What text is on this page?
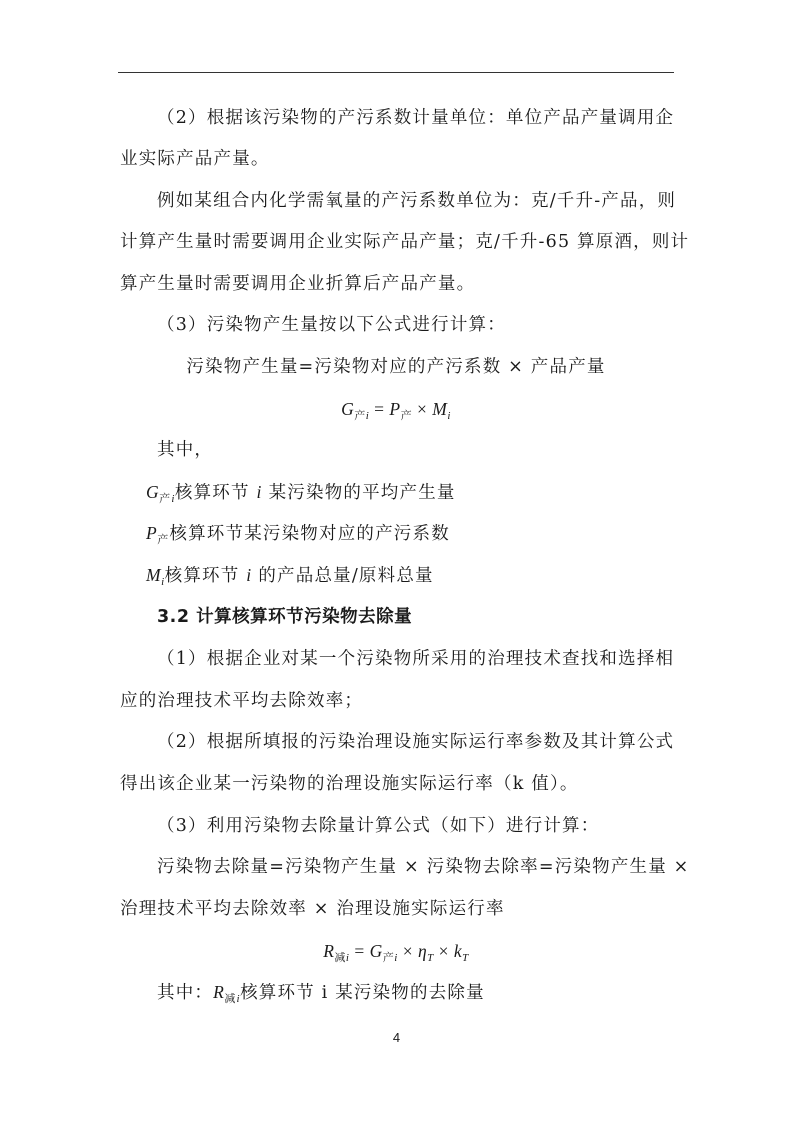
（2）根据该污染物的产污系数计量单位：单位产品产量调用企
业实际产品产量。
例如某组合内化学需氧量的产污系数单位为：克/千升-产品，则
计算产生量时需要调用企业实际产品产量；克/千升-65 算原酒，则计
算产生量时需要调用企业折算后产品产量。
（3）污染物产生量按以下公式进行计算：
污染物产生量=污染物对应的产污系数 × 产品产量
$G_{产i} = P_产 \times M_i$
其中，
$G_{产i}$核算环节 i 某污染物的平均产生量
$P_产$核算环节某污染物对应的产污系数
$M_i$核算环节 i 的产品总量/原料总量
3.2 计算核算环节污染物去除量
（1）根据企业对某一个污染物所采用的治理技术查找和选择相
应的治理技术平均去除效率；
（2）根据所填报的污染治理设施实际运行率参数及其计算公式
得出该企业某一污染物的治理设施实际运行率（k 值）。
（3）利用污染物去除量计算公式（如下）进行计算：
污染物去除量=污染物产生量 × 污染物去除率=污染物产生量 ×
治理技术平均去除效率 × 治理设施实际运行率
$R_{减i} = G_{产i} \times \eta_T \times k_T$
其中：$R_{减i}$核算环节 i 某污染物的去除量
4
